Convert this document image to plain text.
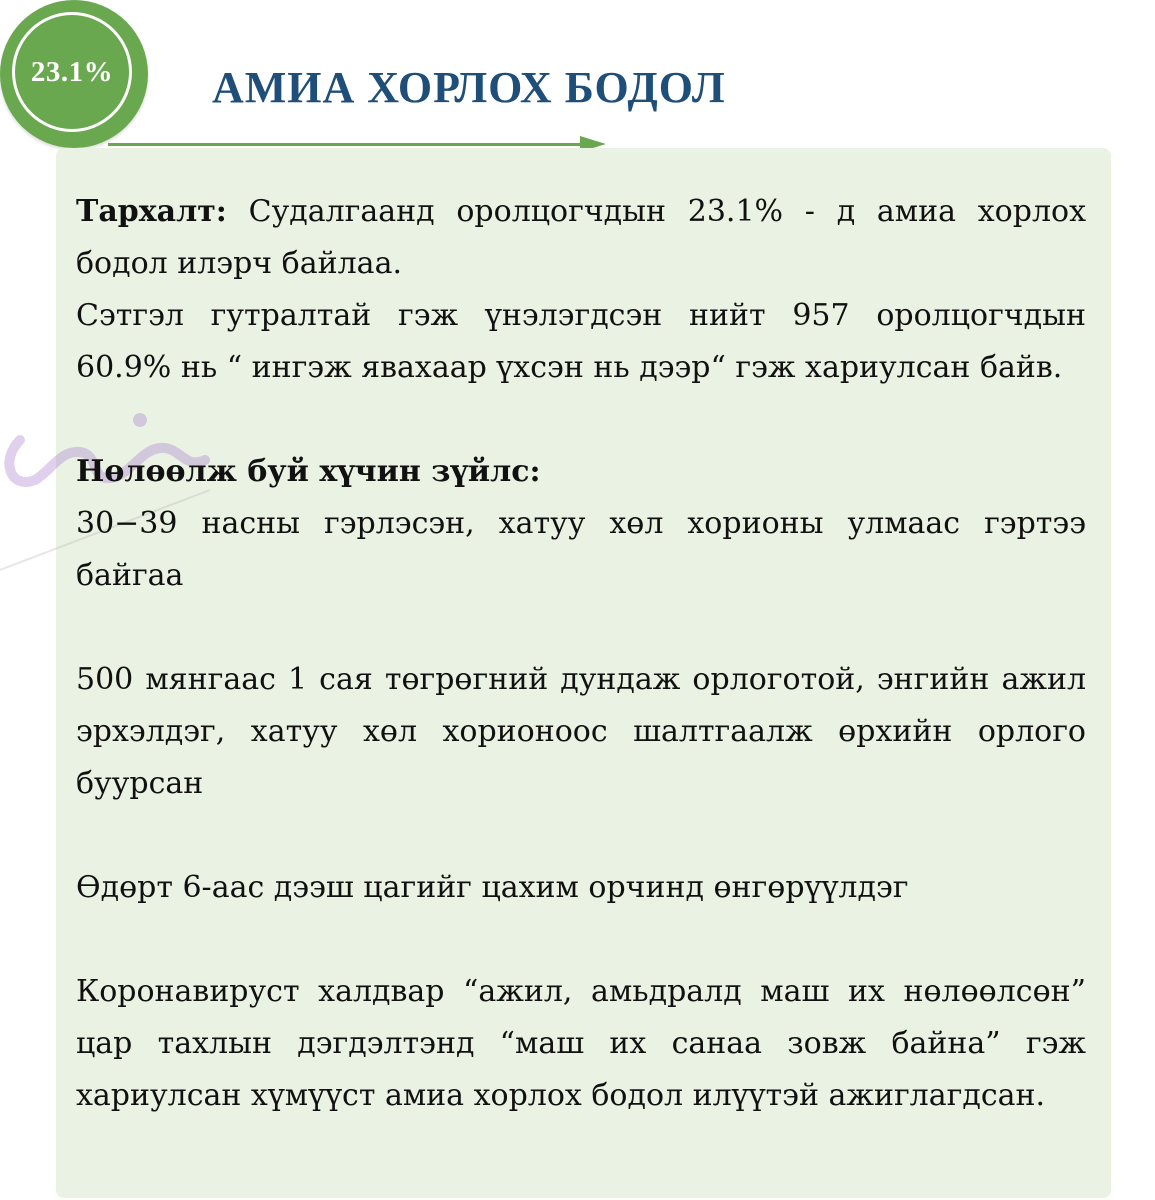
23.1% АМИА ХОРЛОХ БОДОЛ

Тархалт: Судалгаанд оролцогчдын 23.1% - д амиа хорлох бодол илэрч байлаа.

Сэтгэл гутралтай гэж үнэлэгдсэн нийт 957 оролцогчдын 60.9% нь “ ингэж явахаар үхсэн нь дээр“ гэж хариулсан байв.

Нөлөөлж буй хүчин зүйлс:

30−39 насны гэрлэсэн, хатуу хөл хорионы улмаас гэртээ байгаа

500 мянгаас 1 сая төгрөгний дундаж орлоготой, энгийн ажил эрхэлдэг, хатуу хөл хорионоос шалтгаалж өрхийн орлого буурсан

Өдөрт 6-аас дээш цагийг цахим орчинд өнгөрүүлдэг

Коронавируст халдвар “ажил, амьдралд маш их нөлөөлсөн” цар тахлын дэгдэлтэнд “маш их санаа зовж байна” гэж хариулсан хүмүүст амиа хорлох бодол илүүтэй ажиглагдсан.
